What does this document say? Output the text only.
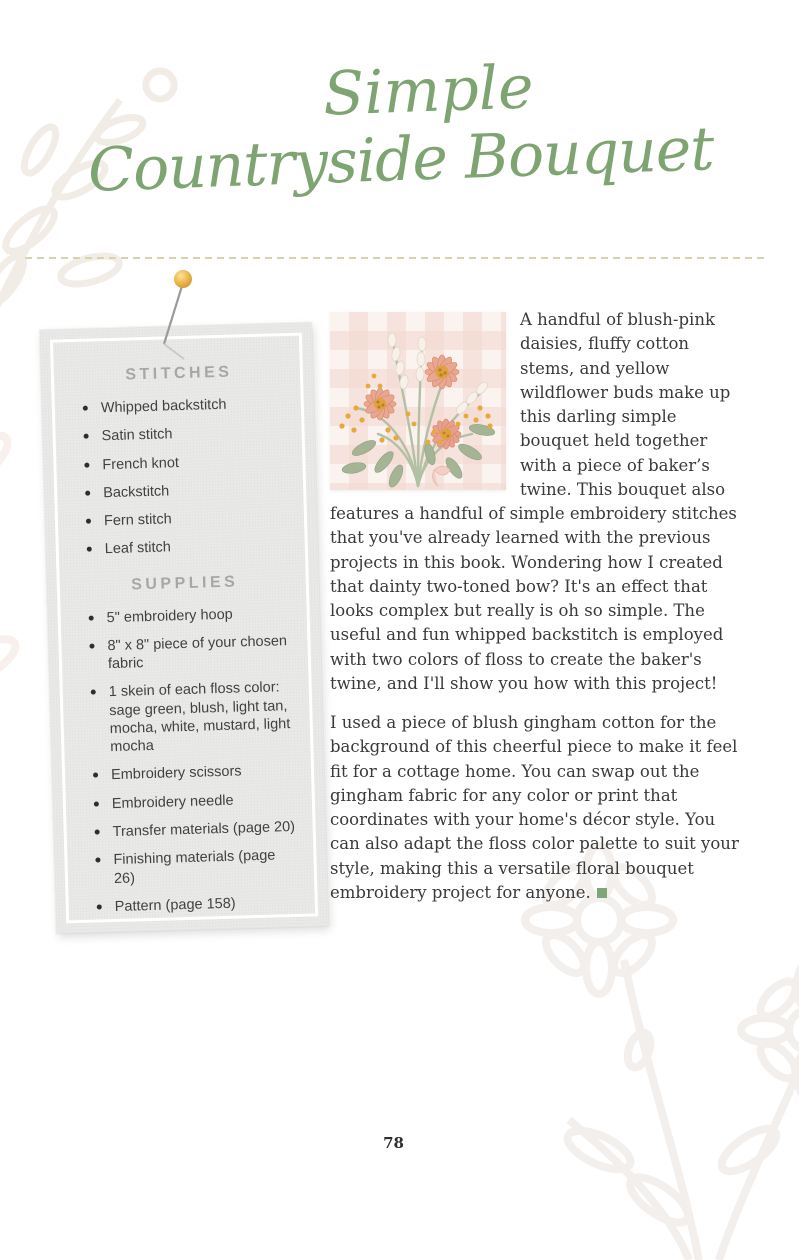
Simple
Countryside Bouquet
STITCHES
Whipped backstitch
Satin stitch
French knot
Backstitch
Fern stitch
Leaf stitch
SUPPLIES
5" embroidery hoop
8" x 8" piece of your chosen fabric
1 skein of each floss color: sage green, blush, light tan, mocha, white, mustard, light mocha
Embroidery scissors
Embroidery needle
Transfer materials (page 20)
Finishing materials (page 26)
Pattern (page 158)

A handful of blush-pink daisies, fluffy cotton stems, and yellow wildflower buds make up this darling simple bouquet held together with a piece of baker’s twine. This bouquet also features a handful of simple embroidery stitches that you've already learned with the previous projects in this book. Wondering how I created that dainty two-toned bow? It's an effect that looks complex but really is oh so simple. The useful and fun whipped backstitch is employed with two colors of floss to create the baker's twine, and I'll show you how with this project!

I used a piece of blush gingham cotton for the background of this cheerful piece to make it feel fit for a cottage home. You can swap out the gingham fabric for any color or print that coordinates with your home's décor style. You can also adapt the floss color palette to suit your style, making this a versatile floral bouquet embroidery project for anyone.

78
